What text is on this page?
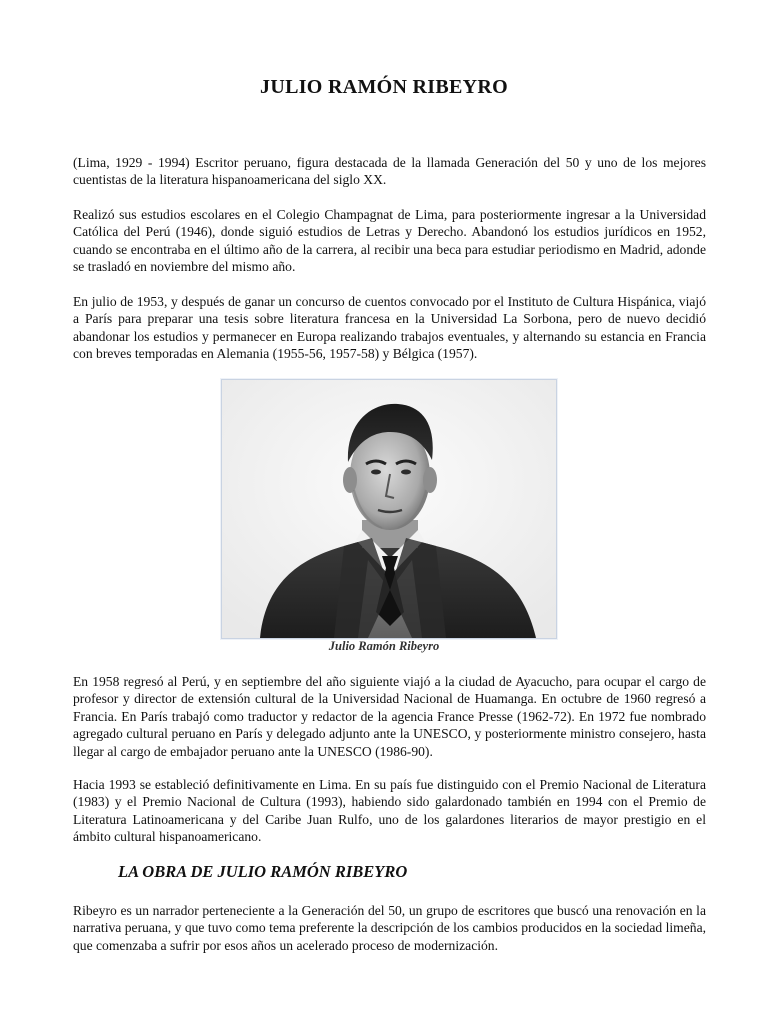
JULIO RAMÓN RIBEYRO

(Lima, 1929 - 1994) Escritor peruano, figura destacada de la llamada Generación del 50 y uno de los mejores cuentistas de la literatura hispanoamericana del siglo XX.

Realizó sus estudios escolares en el Colegio Champagnat de Lima, para posteriormente ingresar a la Universidad Católica del Perú (1946), donde siguió estudios de Letras y Derecho. Abandonó los estudios jurídicos en 1952, cuando se encontraba en el último año de la carrera, al recibir una beca para estudiar periodismo en Madrid, adonde se trasladó en noviembre del mismo año.

En julio de 1953, y después de ganar un concurso de cuentos convocado por el Instituto de Cultura Hispánica, viajó a París para preparar una tesis sobre literatura francesa en la Universidad La Sorbona, pero de nuevo decidió abandonar los estudios y permanecer en Europa realizando trabajos eventuales, y alternando su estancia en Francia con breves temporadas en Alemania (1955-56, 1957-58) y Bélgica (1957).

Julio Ramón Ribeyro

En 1958 regresó al Perú, y en septiembre del año siguiente viajó a la ciudad de Ayacucho, para ocupar el cargo de profesor y director de extensión cultural de la Universidad Nacional de Huamanga. En octubre de 1960 regresó a Francia. En París trabajó como traductor y redactor de la agencia France Presse (1962-72). En 1972 fue nombrado agregado cultural peruano en París y delegado adjunto ante la UNESCO, y posteriormente ministro consejero, hasta llegar al cargo de embajador peruano ante la UNESCO (1986-90).

Hacia 1993 se estableció definitivamente en Lima. En su país fue distinguido con el Premio Nacional de Literatura (1983) y el Premio Nacional de Cultura (1993), habiendo sido galardonado también en 1994 con el Premio de Literatura Latinoamericana y del Caribe Juan Rulfo, uno de los galardones literarios de mayor prestigio en el ámbito cultural hispanoamericano.

LA OBRA DE JULIO RAMÓN RIBEYRO

Ribeyro es un narrador perteneciente a la Generación del 50, un grupo de escritores que buscó una renovación en la narrativa peruana, y que tuvo como tema preferente la descripción de los cambios producidos en la sociedad limeña, que comenzaba a sufrir por esos años un acelerado proceso de modernización.
